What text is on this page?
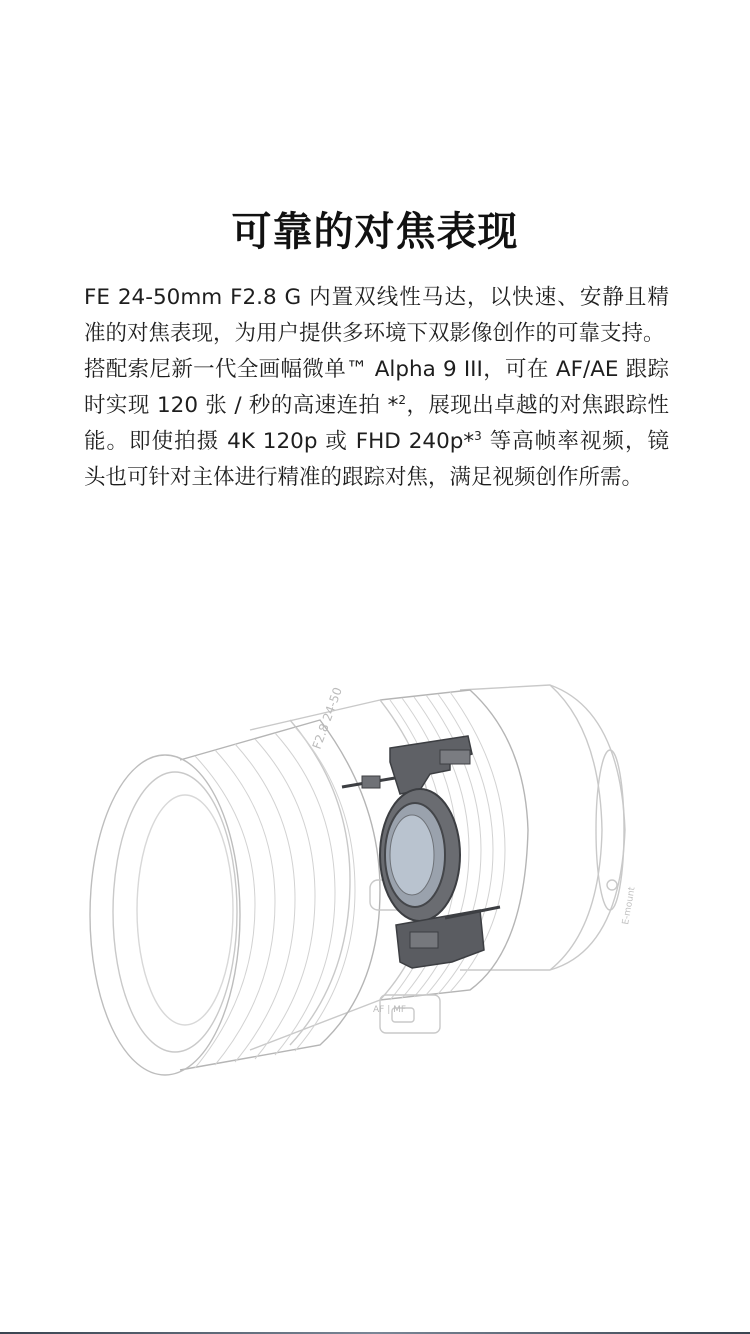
可靠的对焦表现

FE 24-50mm F2.8 G 内置双线性马达，以快速、安静且精准的对焦表现，为用户提供多环境下双影像创作的可靠支持。

搭配索尼新一代全画幅微单™ Alpha 9 III，可在 AF/AE 跟踪时实现 120 张 / 秒的高速连拍 *$^2$，展现出卓越的对焦跟踪性能。即使拍摄 4K 120p 或 FHD 240p*$^3$ 等高帧率视频，镜头也可针对主体进行精准的跟踪对焦，满足视频创作所需。

F2.8 24-50
AF | MF
E-mount
